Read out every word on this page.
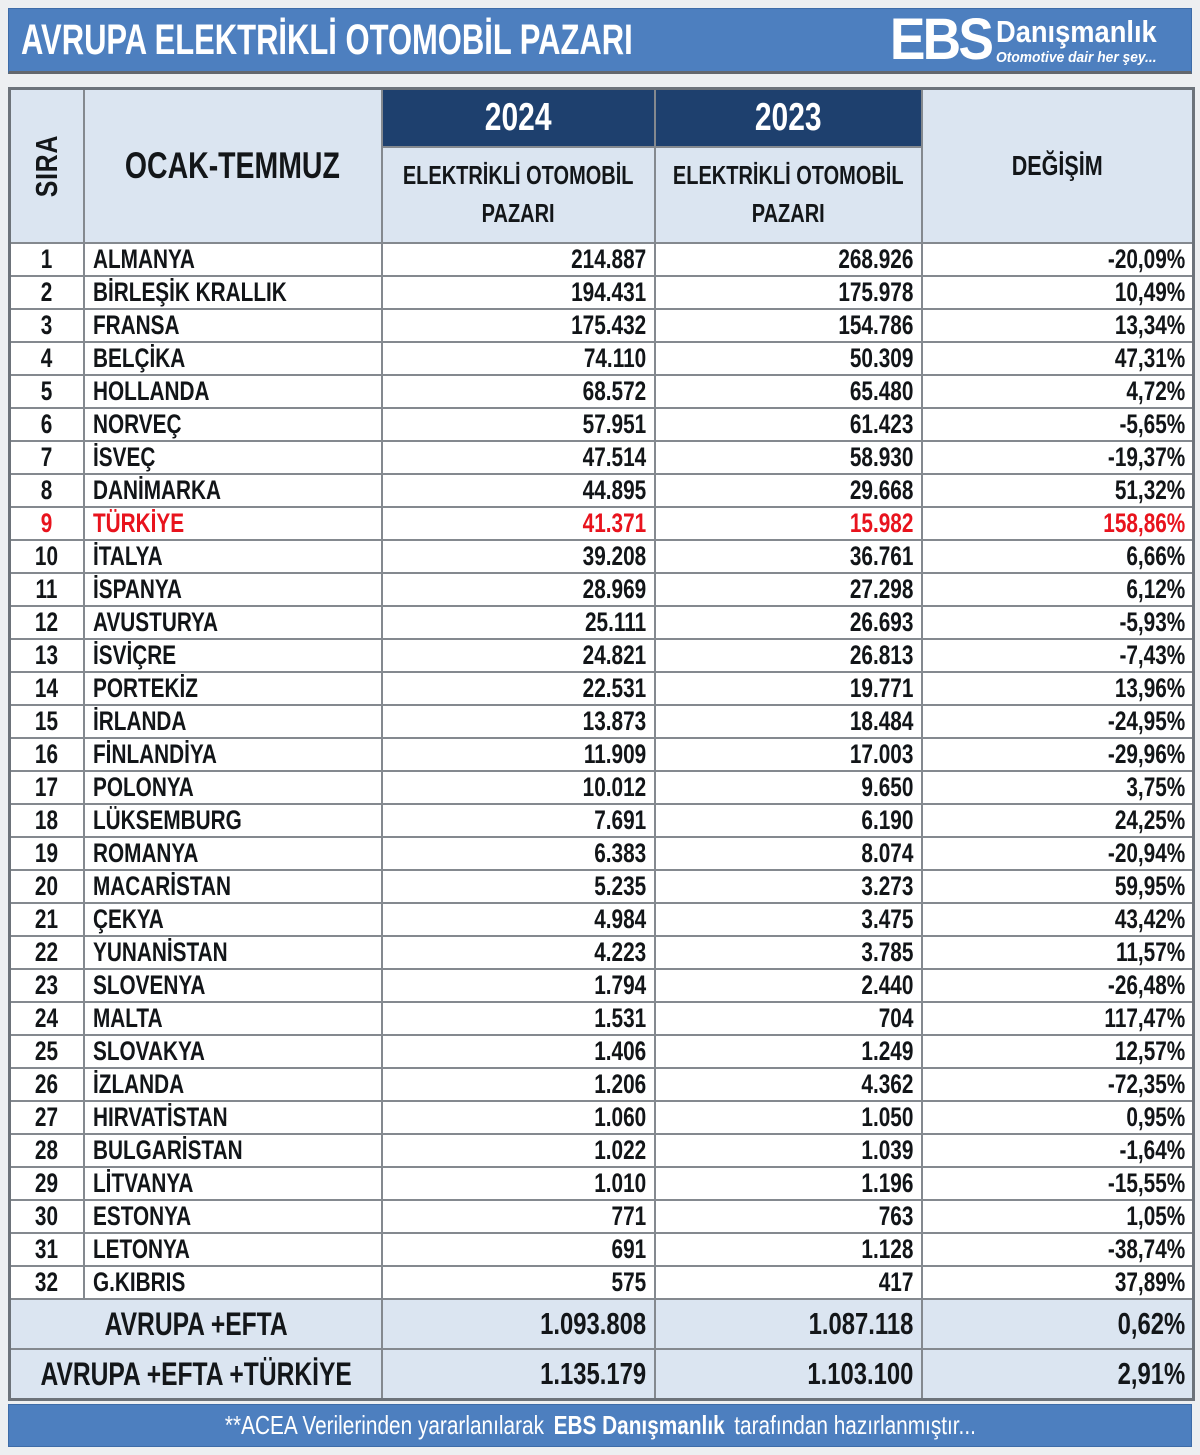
AVRUPA ELEKTRİKLİ OTOMOBİL PAZARI	EBS Danışmanlık
Otomotive dair her şey...
SIRA	OCAK-TEMMUZ	2024	2023	DEĞİŞİM

		ELEKTRİKLİ OTOMOBİL PAZARI	ELEKTRİKLİ OTOMOBİL PAZARI	

1	ALMANYA	214.887	268.926	-20,09%

2	BİRLEŞİK KRALLIK	194.431	175.978	10,49%

3	FRANSA	175.432	154.786	13,34%

4	BELÇİKA	74.110	50.309	47,31%

5	HOLLANDA	68.572	65.480	4,72%

6	NORVEÇ	57.951	61.423	-5,65%

7	İSVEÇ	47.514	58.930	-19,37%

8	DANİMARKA	44.895	29.668	51,32%

9	TÜRKİYE	41.371	15.982	158,86%

10	İTALYA	39.208	36.761	6,66%

11	İSPANYA	28.969	27.298	6,12%

12	AVUSTURYA	25.111	26.693	-5,93%

13	İSVİÇRE	24.821	26.813	-7,43%

14	PORTEKİZ	22.531	19.771	13,96%

15	İRLANDA	13.873	18.484	-24,95%

16	FİNLANDİYA	11.909	17.003	-29,96%

17	POLONYA	10.012	9.650	3,75%

18	LÜKSEMBURG	7.691	6.190	24,25%

19	ROMANYA	6.383	8.074	-20,94%

20	MACARİSTAN	5.235	3.273	59,95%

21	ÇEKYA	4.984	3.475	43,42%

22	YUNANİSTAN	4.223	3.785	11,57%

23	SLOVENYA	1.794	2.440	-26,48%

24	MALTA	1.531	704	117,47%

25	SLOVAKYA	1.406	1.249	12,57%

26	İZLANDA	1.206	4.362	-72,35%

27	HIRVATİSTAN	1.060	1.050	0,95%

28	BULGARİSTAN	1.022	1.039	-1,64%

29	LİTVANYA	1.010	1.196	-15,55%

30	ESTONYA	771	763	1,05%

31	LETONYA	691	1.128	-38,74%

32	G.KIBRIS	575	417	37,89%

AVRUPA +EFTA		1.093.808	1.087.118	0,62%

AVRUPA +EFTA +TÜRKİYE		1.135.179	1.103.100	2,91%
**ACEA Verilerinden yararlanılarak EBS Danışmanlık tarafından hazırlanmıştır...
